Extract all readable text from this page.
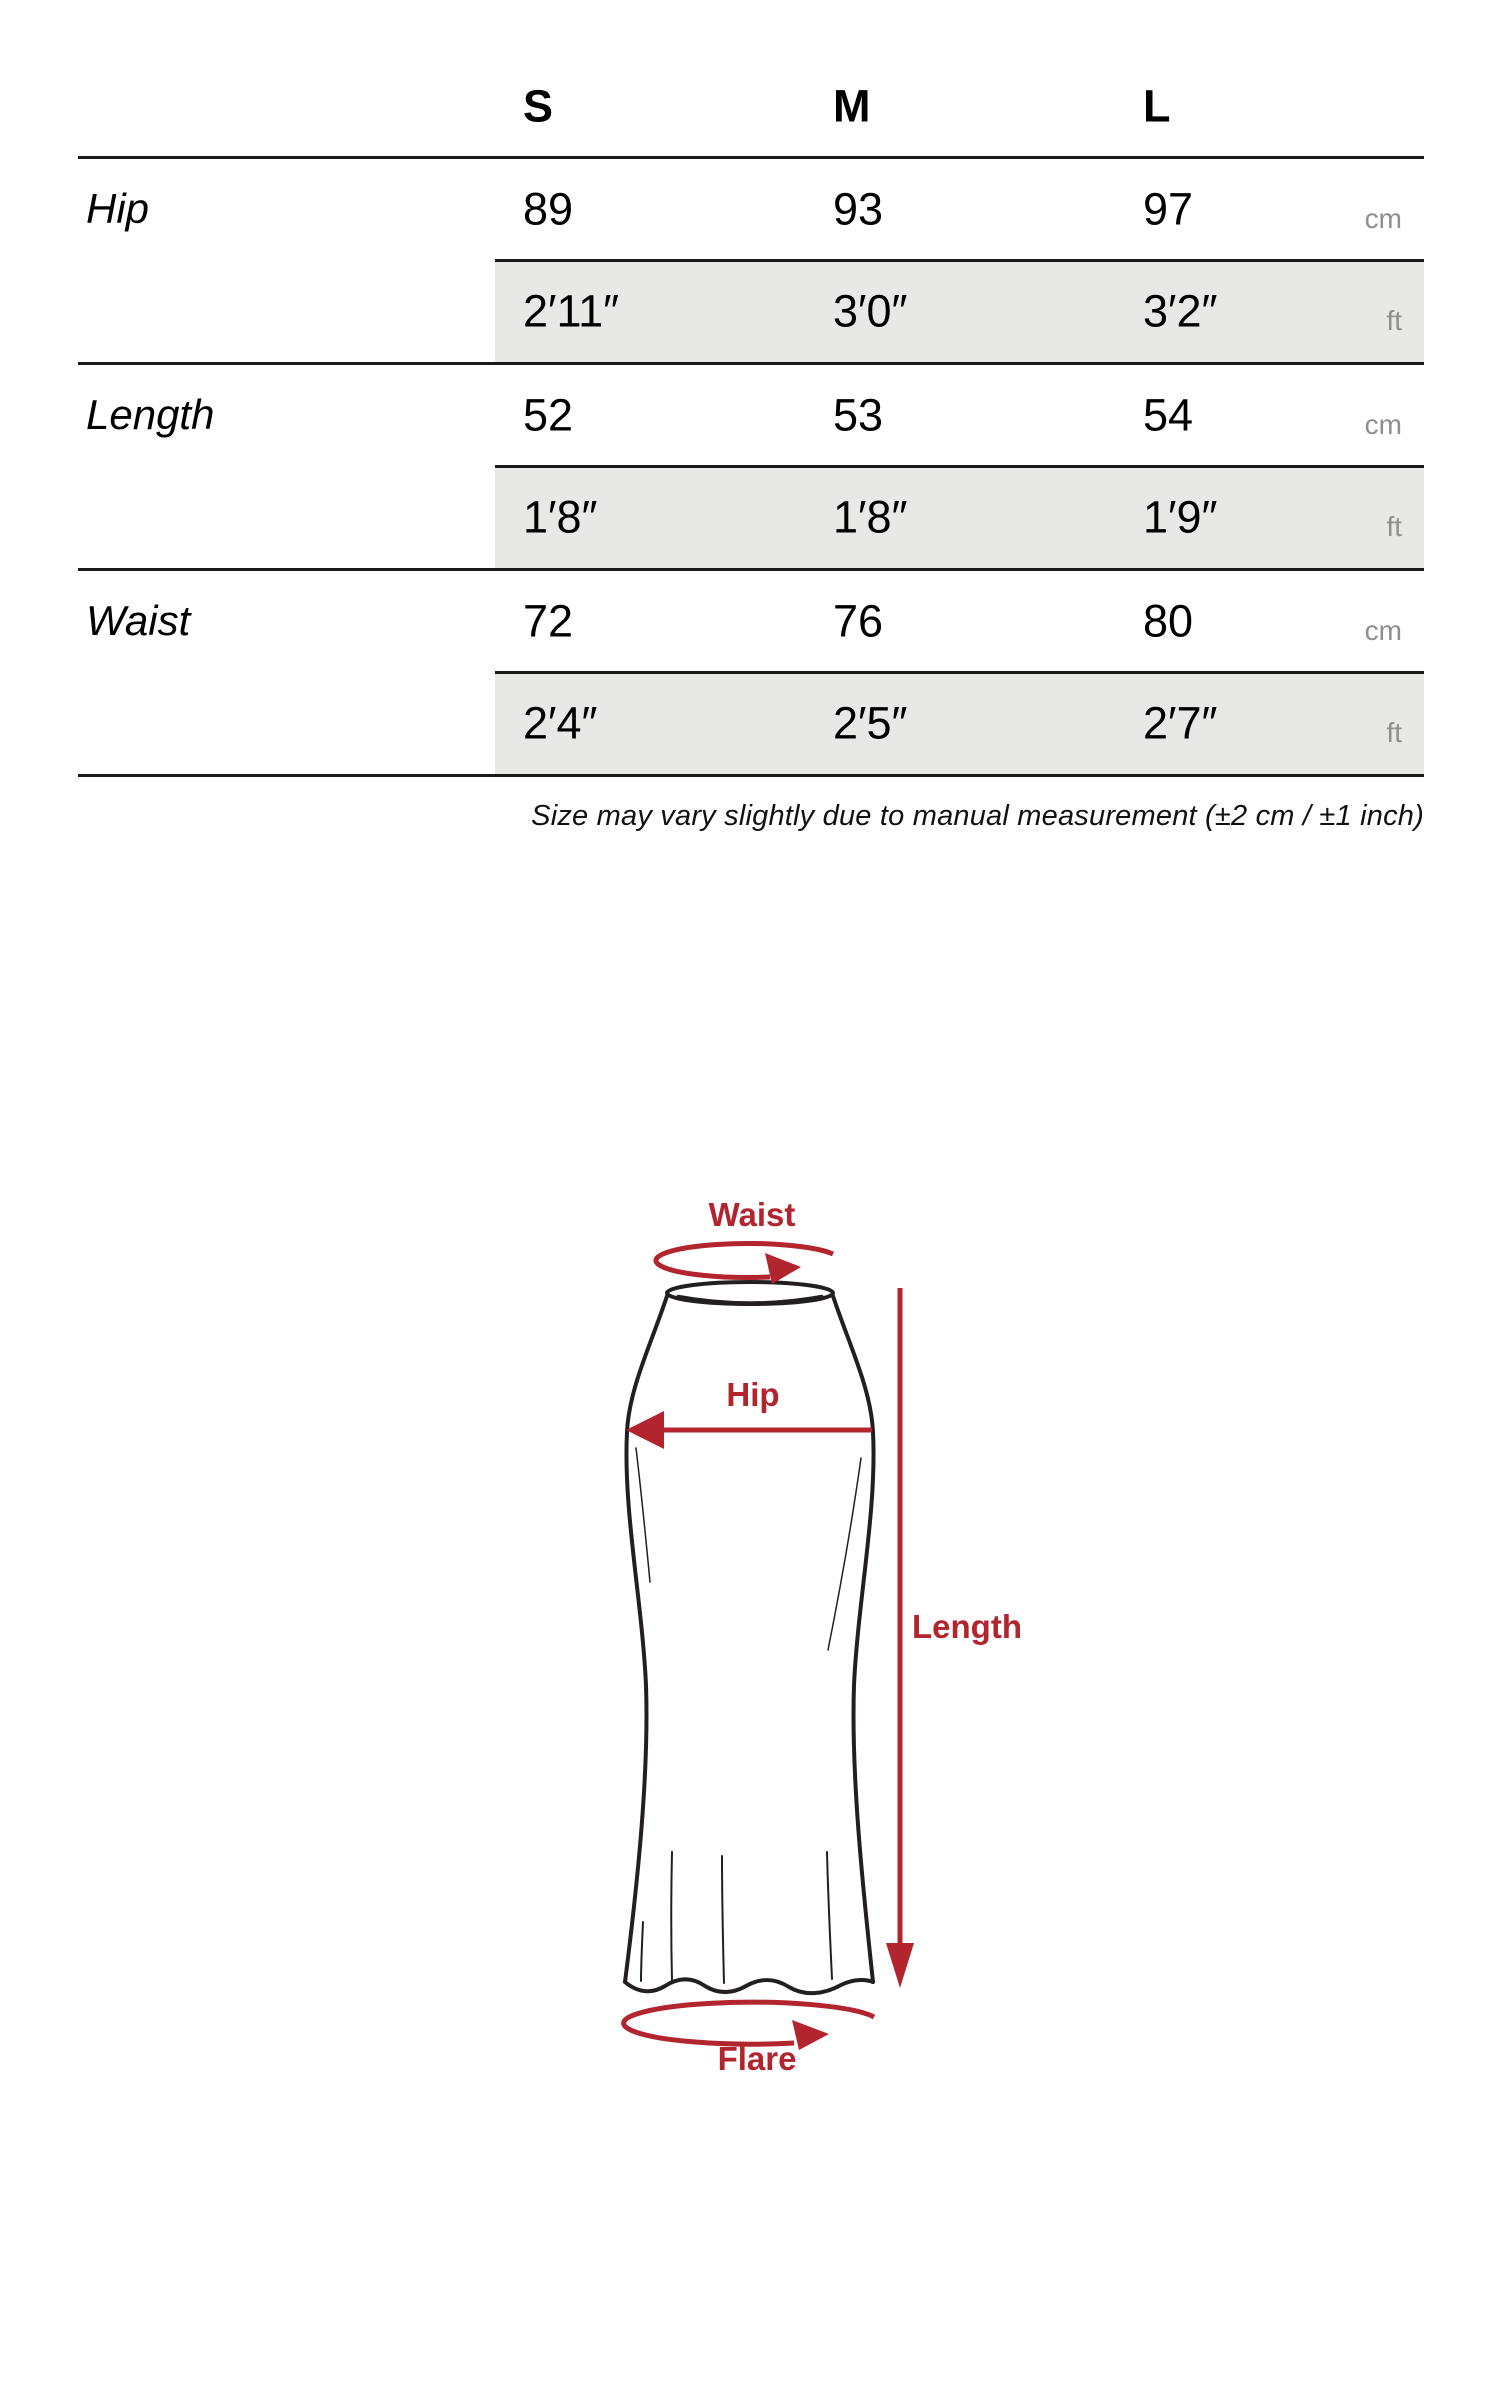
S	M	L
Hip	89	93	97	cm
2′11″	3′0″	3′2″	ft
Length	52	53	54	cm
1′8″	1′8″	1′9″	ft
Waist	72	76	80	cm
2′4″	2′5″	2′7″	ft
Size may vary slightly due to manual measurement (±2 cm / ±1 inch)
Waist
Hip
Length
Flare
